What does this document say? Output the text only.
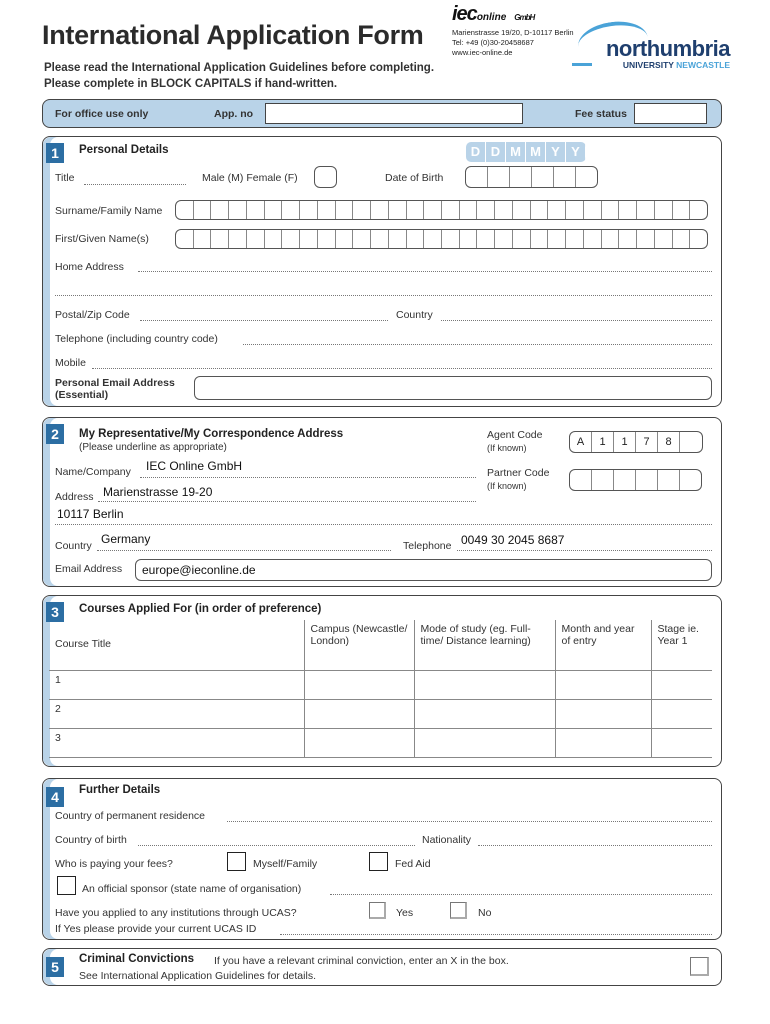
International Application Form
Please read the International Application Guidelines before completing.
Please complete in BLOCK CAPITALS if hand-written.
ieconline GmbH
Marienstrasse 19/20, D-10117 Berlin
Tel: +49 (0)30-20458687
www.iec-online.de	northumbria
UNIVERSITY NEWCASTLE
For office use only	App. no	Fee status
1	Personal Details	D D M M Y Y
Title	Male (M) Female (F)	Date of Birth
Surname/Family Name
First/Given Name(s)
Home Address
Postal/Zip Code	Country
Telephone (including country code)
Mobile
Personal Email Address
(Essential)
2	My Representative/My Correspondence Address
(Please underline as appropriate)
Agent Code
(If known)	A	1	1	7	8
Partner Code
(If known)
Name/Company IEC Online GmbH
Address Marienstrasse 19-20
10117 Berlin
Country Germany	Telephone 0049 30 2045 8687
Email Address europe@ieconline.de
3	Courses Applied For (in order of preference)
Course Title	Campus (Newcastle/ London)	Mode of study (eg. Full-time/ Distance learning)	Month and year of entry	Stage ie. Year 1
1				
2				
3				
4	Further Details
Country of permanent residence
Country of birth	Nationality
Who is paying your fees?	Myself/Family	Fed Aid
An official sponsor (state name of organisation)
Have you applied to any institutions through UCAS?	Yes	No
If Yes please provide your current UCAS ID
5	Criminal Convictions If you have a relevant criminal conviction, enter an X in the box.
See International Application Guidelines for details.
